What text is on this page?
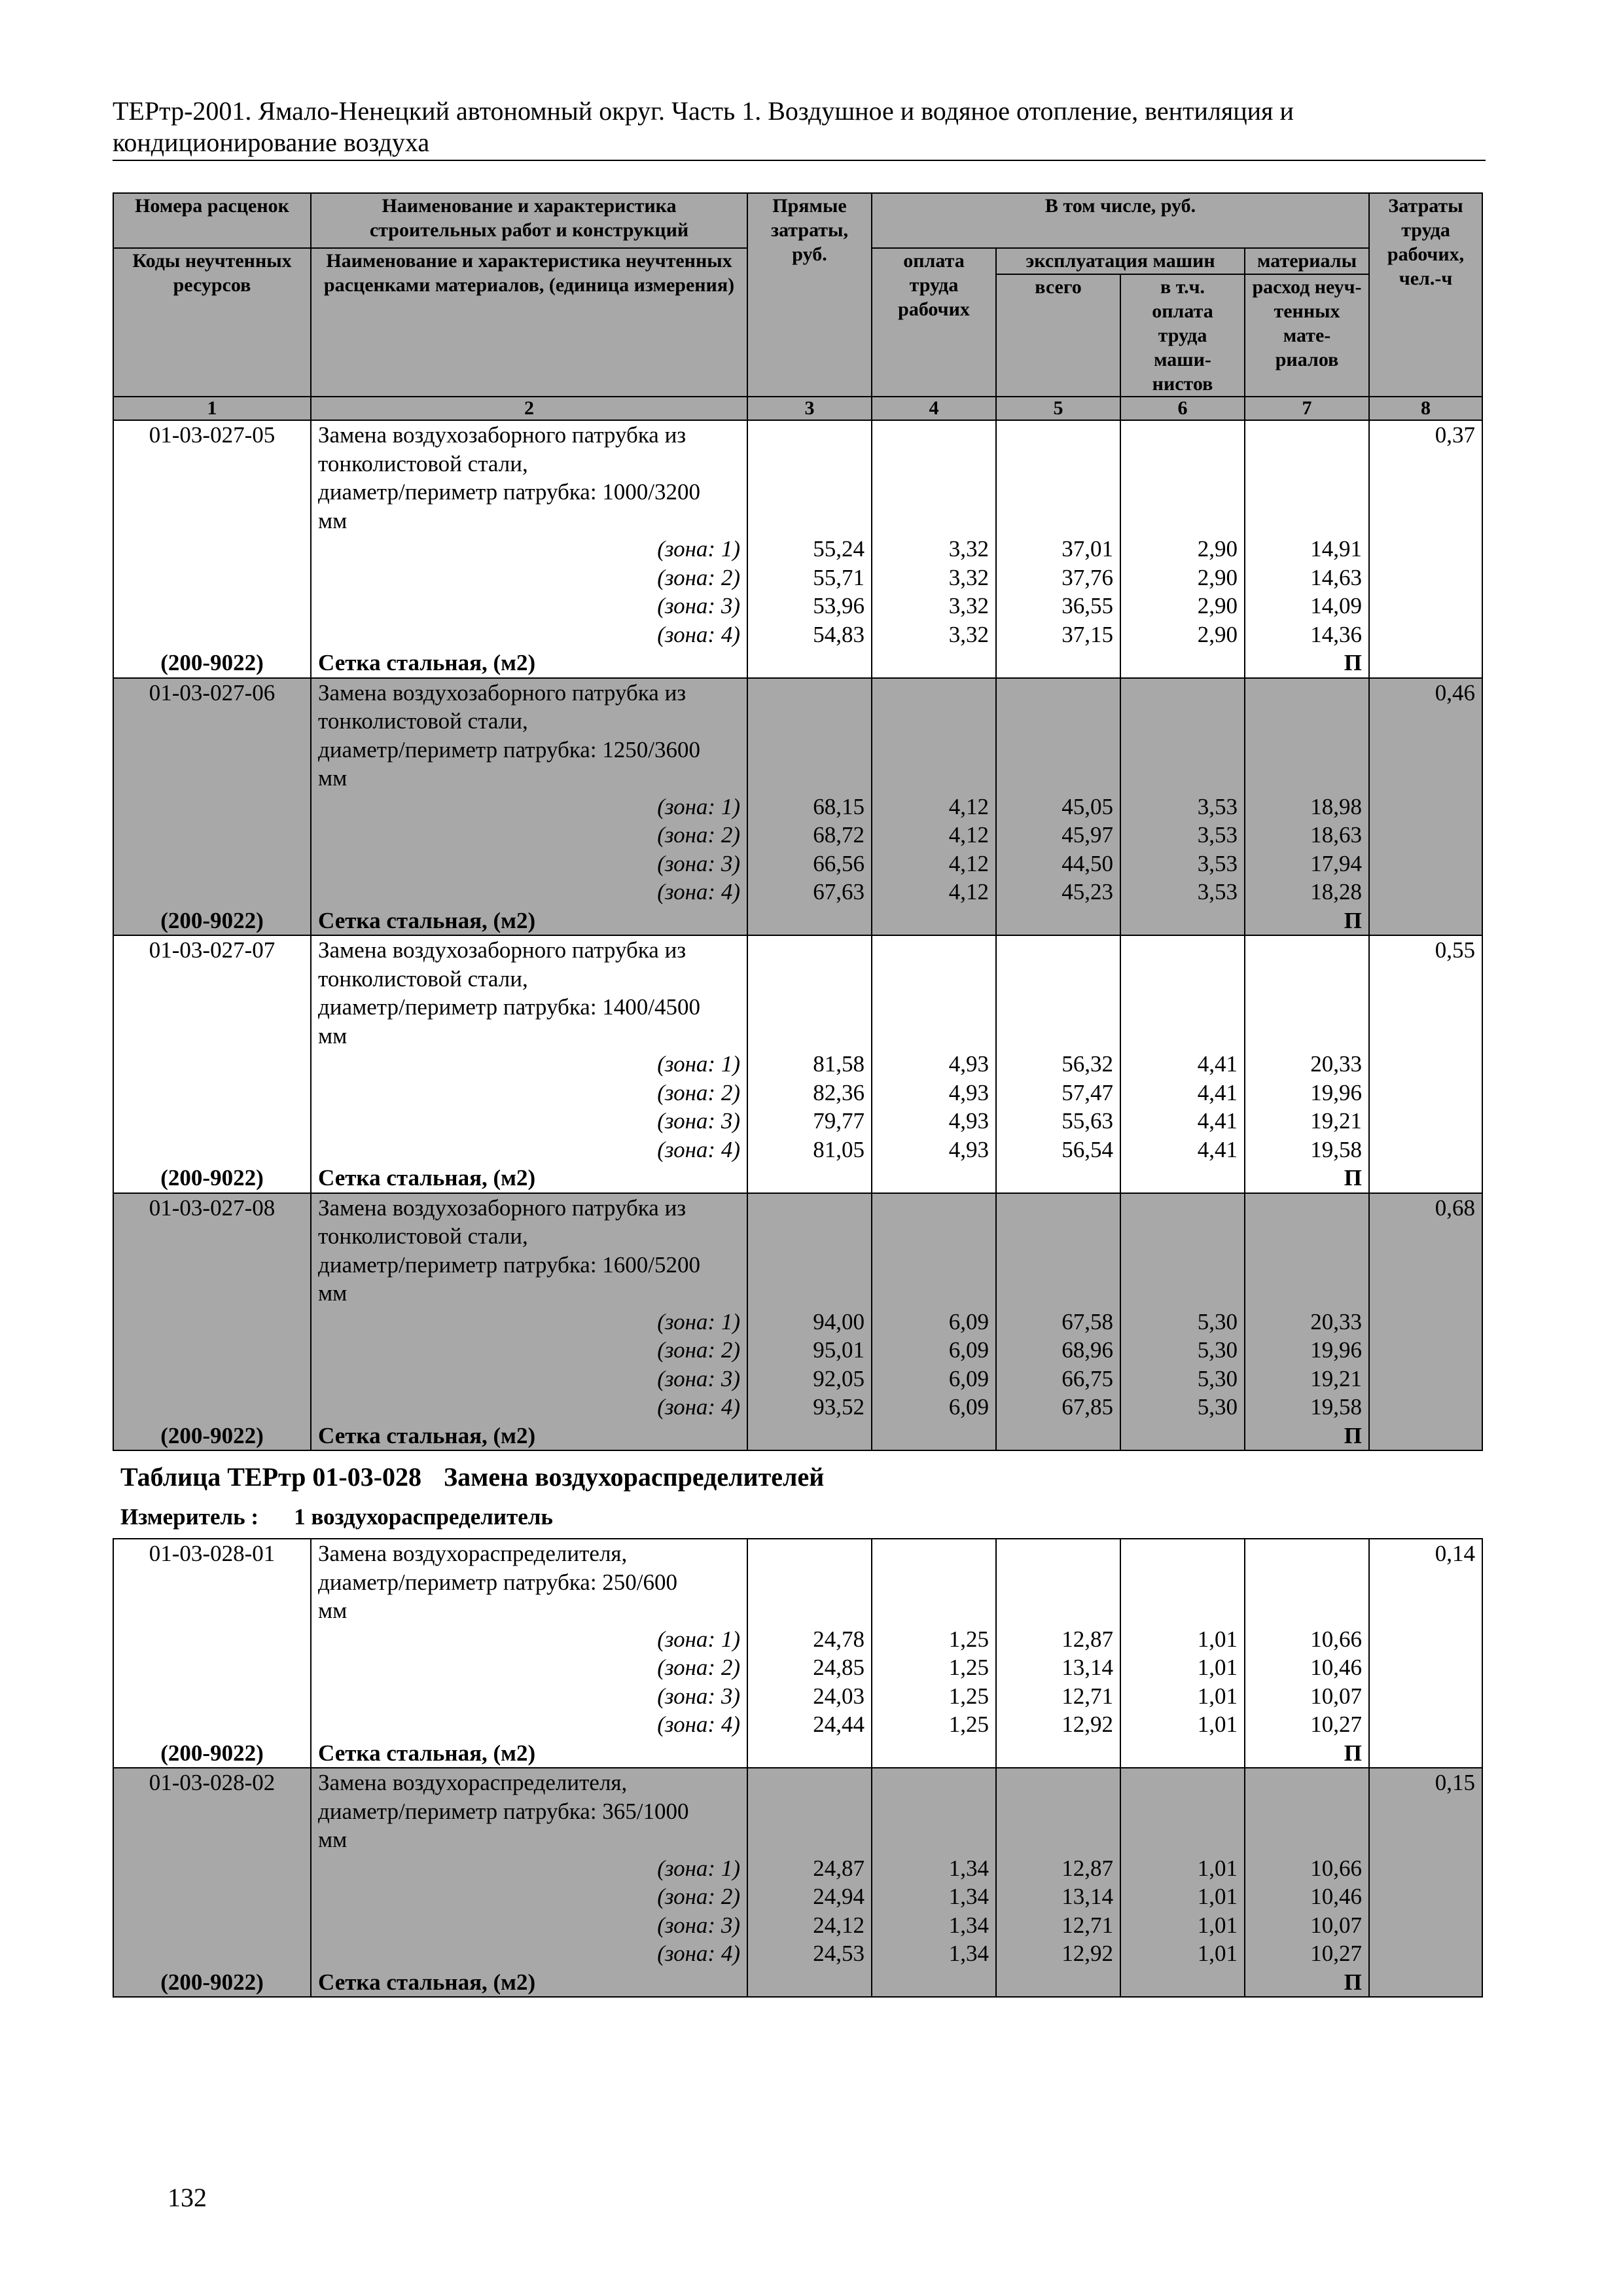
ТЕРтр-2001. Ямало-Ненецкий автономный округ. Часть 1. Воздушное и водяное отопление, вентиляция и кондиционирование воздуха
Номера расценок	Наименование и характеристика строительных работ и конструкций	Прямые затраты, руб.	В том числе, руб.				Затраты труда рабочих, чел.-ч
Коды неучтенных ресурсов	Наименование и характеристика неучтенных расценками материалов, (единица измерения)		оплата труда рабочих	эксплуатация машин		материалы	
				всего	в т.ч. оплата труда маши-нистов	расход неуч-тенных мате-риалов	

1	2	3	4	5	6	7	8
01-03-027-05	Замена воздухозаборного патрубка из
тонколистовой стали,
диаметр/периметр патрубка: 1000/3200
мм						0,37
	(зона: 1)	55,24	3,32	37,01	2,90	14,91	
	(зона: 2)	55,71	3,32	37,76	2,90	14,63	
	(зона: 3)	53,96	3,32	36,55	2,90	14,09	
	(зона: 4)	54,83	3,32	37,15	2,90	14,36	
(200-9022)	Сетка стальная, (м2)					П	
01-03-027-06	Замена воздухозаборного патрубка из
тонколистовой стали,
диаметр/периметр патрубка: 1250/3600
мм						0,46
	(зона: 1)	68,15	4,12	45,05	3,53	18,98	
	(зона: 2)	68,72	4,12	45,97	3,53	18,63	
	(зона: 3)	66,56	4,12	44,50	3,53	17,94	
	(зона: 4)	67,63	4,12	45,23	3,53	18,28	
(200-9022)	Сетка стальная, (м2)					П	
01-03-027-07	Замена воздухозаборного патрубка из
тонколистовой стали,
диаметр/периметр патрубка: 1400/4500
мм						0,55
	(зона: 1)	81,58	4,93	56,32	4,41	20,33	
	(зона: 2)	82,36	4,93	57,47	4,41	19,96	
	(зона: 3)	79,77	4,93	55,63	4,41	19,21	
	(зона: 4)	81,05	4,93	56,54	4,41	19,58	
(200-9022)	Сетка стальная, (м2)					П	
01-03-027-08	Замена воздухозаборного патрубка из
тонколистовой стали,
диаметр/периметр патрубка: 1600/5200
мм						0,68
	(зона: 1)	94,00	6,09	67,58	5,30	20,33	
	(зона: 2)	95,01	6,09	68,96	5,30	19,96	
	(зона: 3)	92,05	6,09	66,75	5,30	19,21	
	(зона: 4)	93,52	6,09	67,85	5,30	19,58	
(200-9022)	Сетка стальная, (м2)					П	
Таблица ТЕРтр 01-03-028 Замена воздухораспределителей
Измеритель : 1 воздухораспределитель
01-03-028-01	Замена воздухораспределителя,
диаметр/периметр патрубка: 250/600
мм						0,14
	(зона: 1)	24,78	1,25	12,87	1,01	10,66	
	(зона: 2)	24,85	1,25	13,14	1,01	10,46	
	(зона: 3)	24,03	1,25	12,71	1,01	10,07	
	(зона: 4)	24,44	1,25	12,92	1,01	10,27	
(200-9022)	Сетка стальная, (м2)					П	
01-03-028-02	Замена воздухораспределителя,
диаметр/периметр патрубка: 365/1000
мм						0,15
	(зона: 1)	24,87	1,34	12,87	1,01	10,66	
	(зона: 2)	24,94	1,34	13,14	1,01	10,46	
	(зона: 3)	24,12	1,34	12,71	1,01	10,07	
	(зона: 4)	24,53	1,34	12,92	1,01	10,27	
(200-9022)	Сетка стальная, (м2)					П	
132
